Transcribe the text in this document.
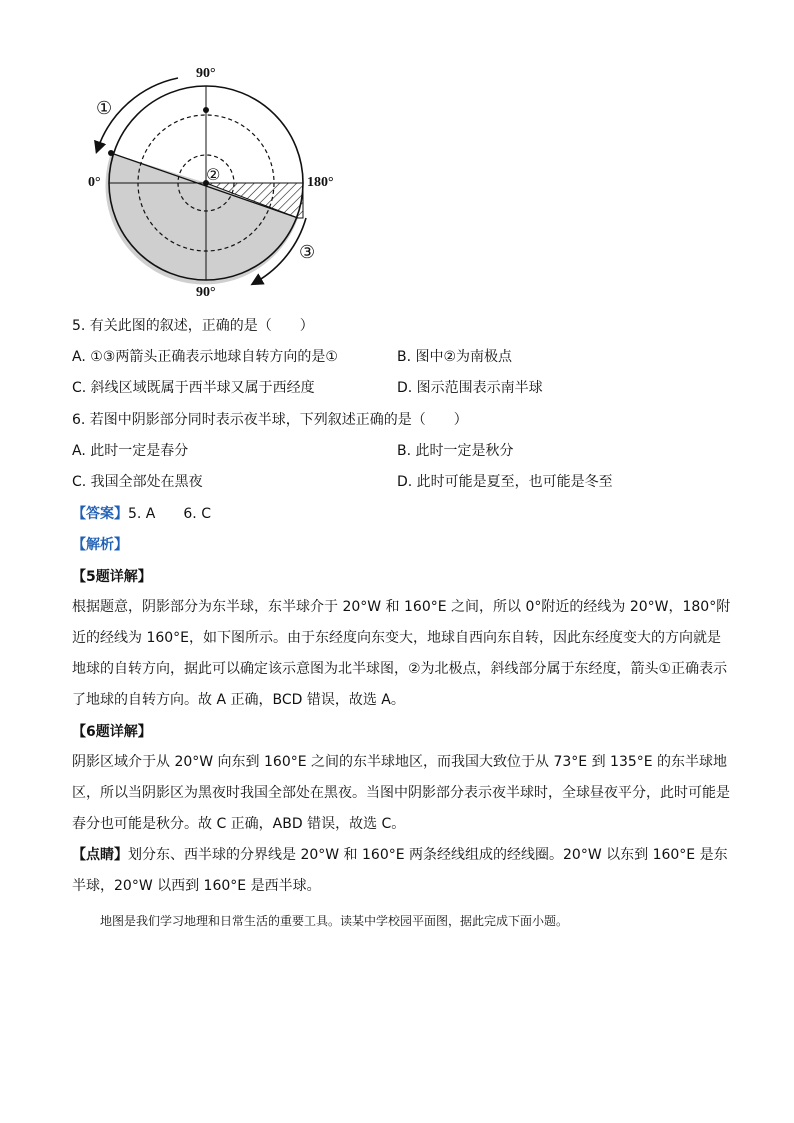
90°
90°
0°	180°
①
②
③
5. 有关此图的叙述，正确的是（　　）
A. ①③两箭头正确表示地球自转方向的是①	B. 图中②为南极点
C. 斜线区域既属于西半球又属于西经度	D. 图示范围表示南半球
6. 若图中阴影部分同时表示夜半球，下列叙述正确的是（　　）
A. 此时一定是春分	B. 此时一定是秋分
C. 我国全部处在黑夜	D. 此时可能是夏至，也可能是冬至
【答案】5. A　　6. C
【解析】
【5题详解】
根据题意，阴影部分为东半球，东半球介于 20°W 和 160°E 之间，所以 0°附近的经线为 20°W，180°附近的经线为 160°E，如下图所示。由于东经度向东变大，地球自西向东自转，因此东经度变大的方向就是地球的自转方向，据此可以确定该示意图为北半球图，②为北极点，斜线部分属于东经度，箭头①正确表示了地球的自转方向。故 A 正确，BCD 错误，故选 A。
【6题详解】
阴影区域介于从 20°W 向东到 160°E 之间的东半球地区，而我国大致位于从 73°E 到 135°E 的东半球地区，所以当阴影区为黑夜时我国全部处在黑夜。当图中阴影部分表示夜半球时，全球昼夜平分，此时可能是春分也可能是秋分。故 C 正确，ABD 错误，故选 C。
【点睛】划分东、西半球的分界线是 20°W 和 160°E 两条经线组成的经线圈。20°W 以东到 160°E 是东半球，20°W 以西到 160°E 是西半球。
地图是我们学习地理和日常生活的重要工具。读某中学校园平面图，据此完成下面小题。
